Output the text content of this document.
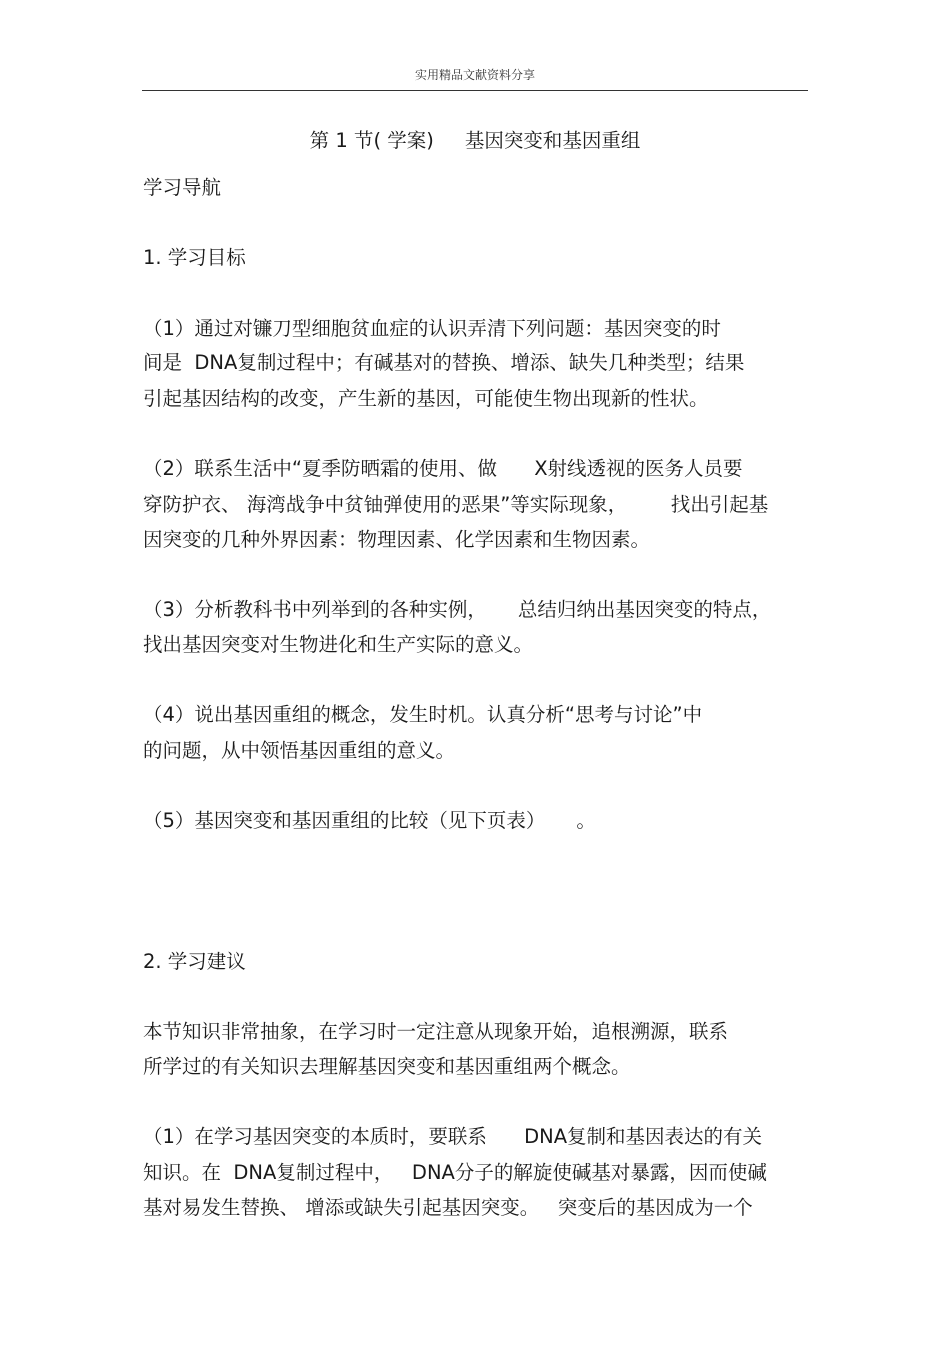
实用精品文献资料分享
第 1 节( 学案)     基因突变和基因重组
学习导航
1. 学习目标
（1）通过对镰刀型细胞贫血症的认识弄清下列问题：基因突变的时
间是  DNA复制过程中；有碱基对的替换、增添、缺失几种类型；结果
引起基因结构的改变，产生新的基因，可能使生物出现新的性状。
（2）联系生活中“夏季防晒霜的使用、做      X射线透视的医务人员要
穿防护衣、 海湾战争中贫铀弹使用的恶果”等实际现象，       找出引起基
因突变的几种外界因素：物理因素、化学因素和生物因素。
（3）分析教科书中列举到的各种实例，     总结归纳出基因突变的特点，
找出基因突变对生物进化和生产实际的意义。
（4）说出基因重组的概念，发生时机。认真分析“思考与讨论”中
的问题，从中领悟基因重组的意义。
（5）基因突变和基因重组的比较（见下页表）     。
2. 学习建议
本节知识非常抽象，在学习时一定注意从现象开始，追根溯源，联系
所学过的有关知识去理解基因突变和基因重组两个概念。
（1）在学习基因突变的本质时，要联系      DNA复制和基因表达的有关
知识。在  DNA复制过程中，   DNA分子的解旋使碱基对暴露，因而使碱
基对易发生替换、 增添或缺失引起基因突变。   突变后的基因成为一个
